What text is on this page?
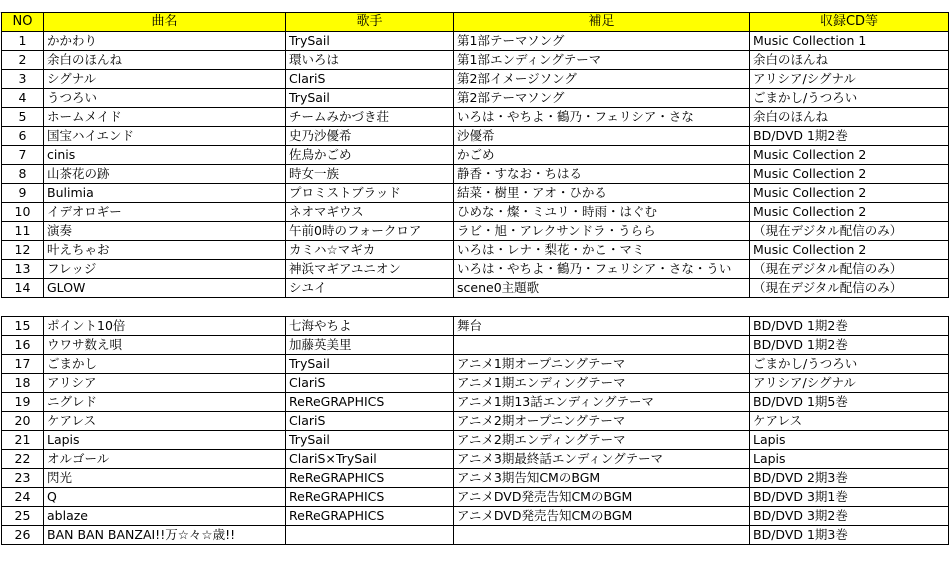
NO	曲名	歌手	補足	収録CD等
1	かかわり	TrySail	第1部テーマソング	Music Collection 1
2	余白のほんね	環いろは	第1部エンディングテーマ	余白のほんね
3	シグナル	ClariS	第2部イメージソング	アリシア/シグナル
4	うつろい	TrySail	第2部テーマソング	ごまかし/うつろい
5	ホームメイド	チームみかづき荘	いろは・やちよ・鶴乃・フェリシア・さな	余白のほんね
6	国宝ハイエンド	史乃沙優希	沙優希	BD/DVD 1期2巻
7	cinis	佐鳥かごめ	かごめ	Music Collection 2
8	山茶花の跡	時女一族	静香・すなお・ちはる	Music Collection 2
9	Bulimia	プロミストブラッド	結菜・樹里・アオ・ひかる	Music Collection 2
10	イデオロギー	ネオマギウス	ひめな・燦・ミユリ・時雨・はぐむ	Music Collection 2
11	演奏	午前0時のフォークロア	ラビ・旭・アレクサンドラ・うらら	（現在デジタル配信のみ）
12	叶えちゃお	カミハ☆マギカ	いろは・レナ・梨花・かこ・マミ	Music Collection 2
13	フレッジ	神浜マギアユニオン	いろは・やちよ・鶴乃・フェリシア・さな・うい	（現在デジタル配信のみ）
14	GLOW	シユイ	scene0主題歌	（現在デジタル配信のみ）

15	ポイント10倍	七海やちよ	舞台	BD/DVD 1期2巻
16	ウワサ数え唄	加藤英美里		BD/DVD 1期2巻
17	ごまかし	TrySail	アニメ1期オープニングテーマ	ごまかし/うつろい
18	アリシア	ClariS	アニメ1期エンディングテーマ	アリシア/シグナル
19	ニグレド	ReReGRAPHICS	アニメ1期13話エンディングテーマ	BD/DVD 1期5巻
20	ケアレス	ClariS	アニメ2期オープニングテーマ	ケアレス
21	Lapis	TrySail	アニメ2期エンディングテーマ	Lapis
22	オルゴール	ClariS×TrySail	アニメ3期最終話エンディングテーマ	Lapis
23	閃光	ReReGRAPHICS	アニメ3期告知CMのBGM	BD/DVD 2期3巻
24	Q	ReReGRAPHICS	アニメDVD発売告知CMのBGM	BD/DVD 3期1巻
25	ablaze	ReReGRAPHICS	アニメDVD発売告知CMのBGM	BD/DVD 3期2巻
26	BAN BAN BANZAI!!万☆々☆歳!!			BD/DVD 1期3巻
